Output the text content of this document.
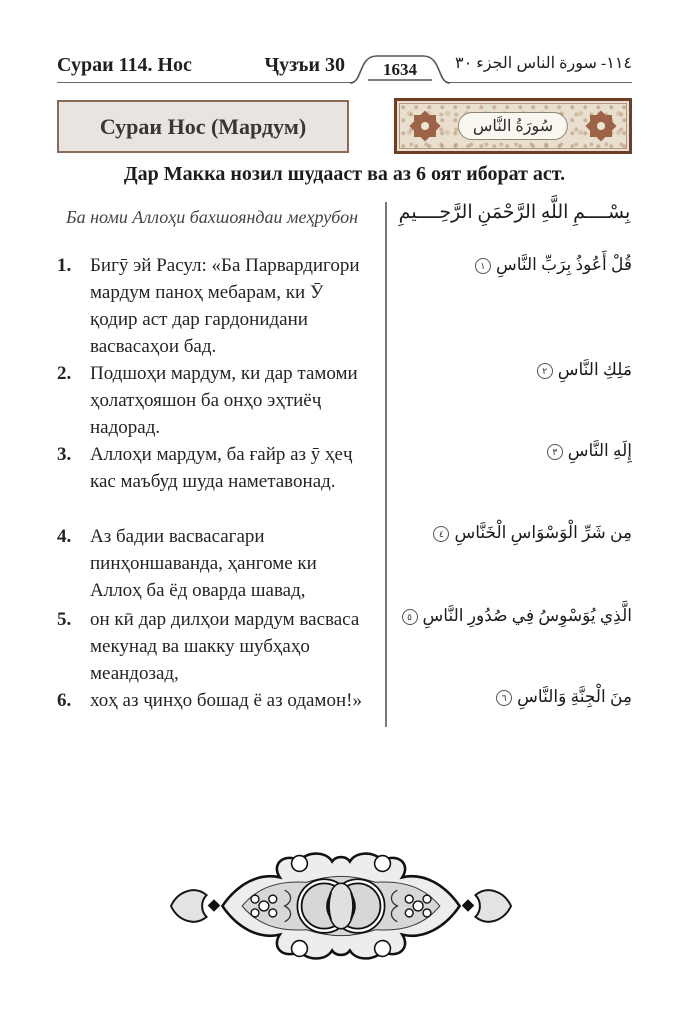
Сураи 114. Нос	Ҷузъи 30 1634 الجزء ٣٠ ١١٤- سورة الناس
Сураи Нос (Мардум)	سُورَةُ النَّاس
Дар Макка нозил шудааст ва аз 6 оят иборат аст.
Ба номи Аллоҳи бахшояндаи меҳрубон بِسْــــمِ اللَّهِ الرَّحْمَنِ الرَّحِــــيمِ
1. Бигӯ эй Расул: «Ба Парвардигори мардум паноҳ мебарам, ки Ӯ қодир аст дар гардонидани васвасаҳои бад.
2. Подшоҳи мардум, ки дар тамоми ҳолатҳояшон ба онҳо эҳтиёҷ надорад.
3. Аллоҳи мардум, ба ғайр аз ӯ ҳеҷ кас маъбуд шуда наметавонад.
4. Аз бадии васвасагари пинҳоншаванда, ҳангоме ки Аллоҳ ба ёд оварда шавад,
5. он кӣ дар дилҳои мардум васваса мекунад ва шакку шубҳаҳо меандозад,
6. хоҳ аз ҷинҳо бошад ё аз одамон!»
قُلْ أَعُوذُ بِرَبِّ النَّاسِ١
مَلِكِ النَّاسِ٢
إِلَهِ النَّاسِ٣
مِن شَرِّ الْوَسْوَاسِ الْخَنَّاسِ٤
الَّذِي يُوَسْوِسُ فِي صُدُورِ النَّاسِ٥
مِنَ الْجِنَّةِ وَالنَّاسِ٦
